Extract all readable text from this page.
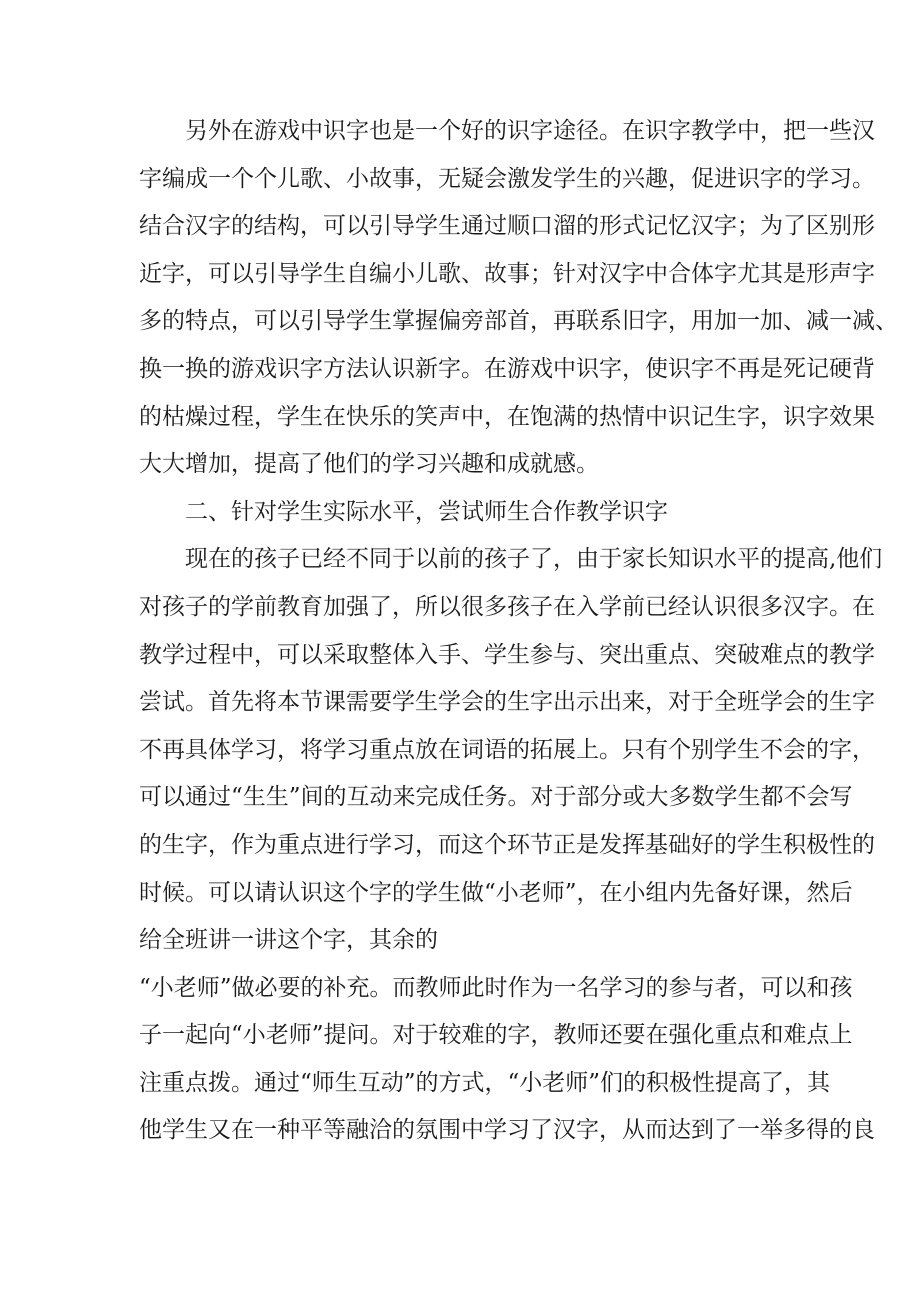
另外在游戏中识字也是一个好的识字途径。在识字教学中，把一些汉
字编成一个个儿歌、小故事，无疑会激发学生的兴趣，促进识字的学习。
结合汉字的结构，可以引导学生通过顺口溜的形式记忆汉字；为了区别形
近字，可以引导学生自编小儿歌、故事；针对汉字中合体字尤其是形声字
多的特点，可以引导学生掌握偏旁部首，再联系旧字，用加一加、减一减、
换一换的游戏识字方法认识新字。在游戏中识字，使识字不再是死记硬背
的枯燥过程，学生在快乐的笑声中，在饱满的热情中识记生字，识字效果
大大增加，提高了他们的学习兴趣和成就感。
二、针对学生实际水平，尝试师生合作教学识字
现在的孩子已经不同于以前的孩子了，由于家长知识水平的提高,他们
对孩子的学前教育加强了，所以很多孩子在入学前已经认识很多汉字。在
教学过程中，可以采取整体入手、学生参与、突出重点、突破难点的教学
尝试。首先将本节课需要学生学会的生字出示出来，对于全班学会的生字
不再具体学习，将学习重点放在词语的拓展上。只有个别学生不会的字，
可以通过“生生”间的互动来完成任务。对于部分或大多数学生都不会写
的生字，作为重点进行学习，而这个环节正是发挥基础好的学生积极性的
时候。可以请认识这个字的学生做“小老师”，在小组内先备好课，然后
给全班讲一讲这个字，其余的
“小老师”做必要的补充。而教师此时作为一名学习的参与者，可以和孩
子一起向“小老师”提问。对于较难的字，教师还要在强化重点和难点上
注重点拨。通过“师生互动”的方式，“小老师”们的积极性提高了，其
他学生又在一种平等融洽的氛围中学习了汉字，从而达到了一举多得的良
